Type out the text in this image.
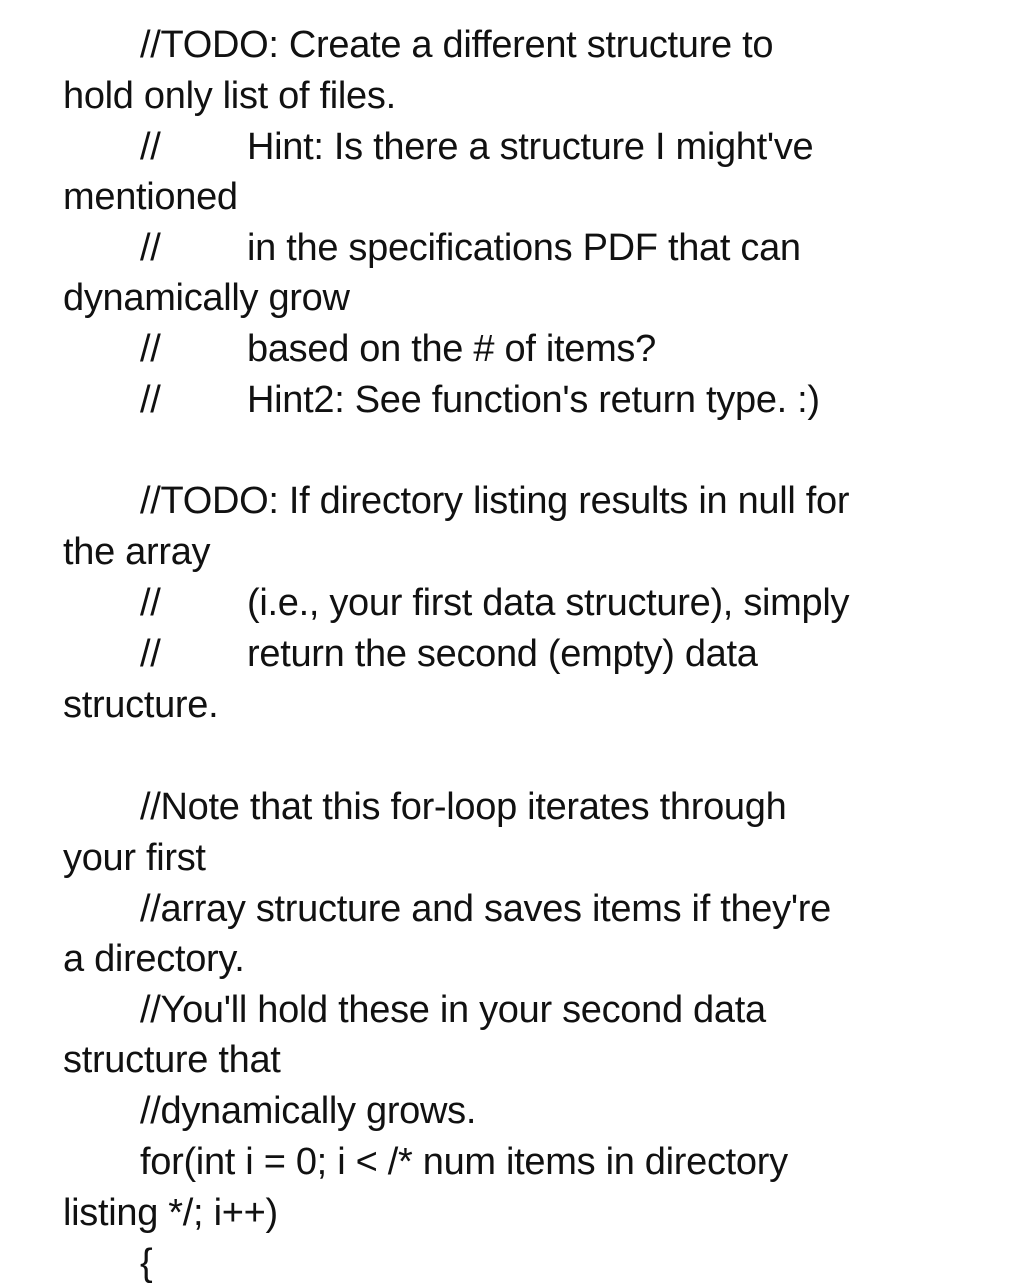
//TODO: Create a different structure to
hold only list of files.
// Hint: Is there a structure I might've
mentioned
// in the specifications PDF that can
dynamically grow
// based on the # of items?
// Hint2: See function's return type. :)
//TODO: If directory listing results in null for
the array
// (i.e., your first data structure), simply
// return the second (empty) data
structure.
//Note that this for-loop iterates through
your first
//array structure and saves items if they're
a directory.
//You'll hold these in your second data
structure that
//dynamically grows.
for(int i = 0; i < /* num items in directory
listing */; i++)
{
